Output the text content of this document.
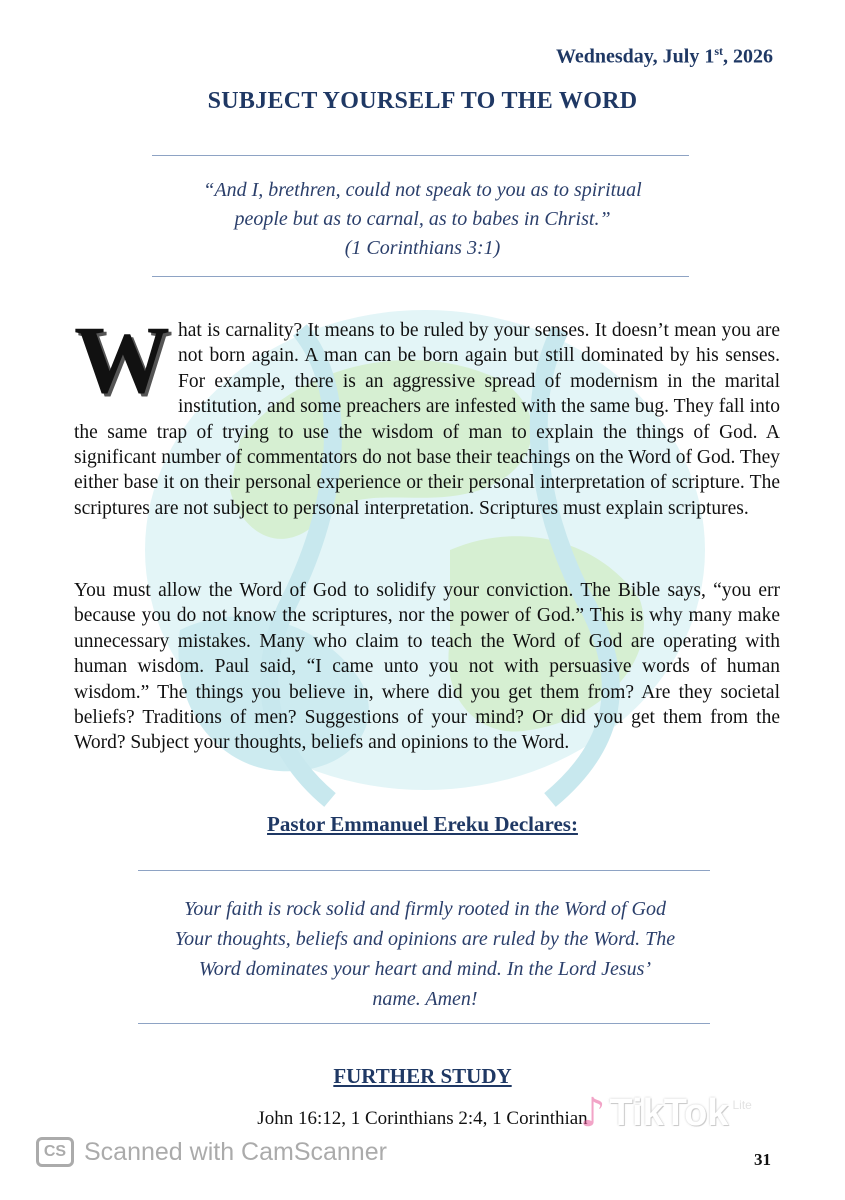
Wednesday, July 1st, 2026
SUBJECT YOURSELF TO THE WORD
“And I, brethren, could not speak to you as to spiritual
people but as to carnal, as to babes in Christ.”
(1 Corinthians 3:1)
What is carnality? It means to be ruled by your senses. It doesn’t mean you are not born again. A man can be born again but still dominated by his senses. For example, there is an aggressive spread of modernism in the marital institution, and some preachers are infested with the same bug. They fall into the same trap of trying to use the wisdom of man to explain the things of God. A significant number of commentators do not base their teachings on the Word of God. They either base it on their personal experience or their personal interpretation of scripture. The scriptures are not subject to personal interpretation. Scriptures must explain scriptures.
You must allow the Word of God to solidify your conviction. The Bible says, “you err because you do not know the scriptures, nor the power of God.” This is why many make unnecessary mistakes. Many who claim to teach the Word of God are operating with human wisdom. Paul said, “I came unto you not with persuasive words of human wisdom.” The things you believe in, where did you get them from? Are they societal beliefs? Traditions of men? Suggestions of your mind? Or did you get them from the Word? Subject your thoughts, beliefs and opinions to the Word.
Pastor Emmanuel Ereku Declares:
Your faith is rock solid and firmly rooted in the Word of God
Your thoughts, beliefs and opinions are ruled by the Word. The
Word dominates your heart and mind. In the Lord Jesus’
name. Amen!
FURTHER STUDY
John 16:12, 1 Corinthians 2:4, 1 Corinthian
31
CS Scanned with CamScanner
♪ TikTok Lite
